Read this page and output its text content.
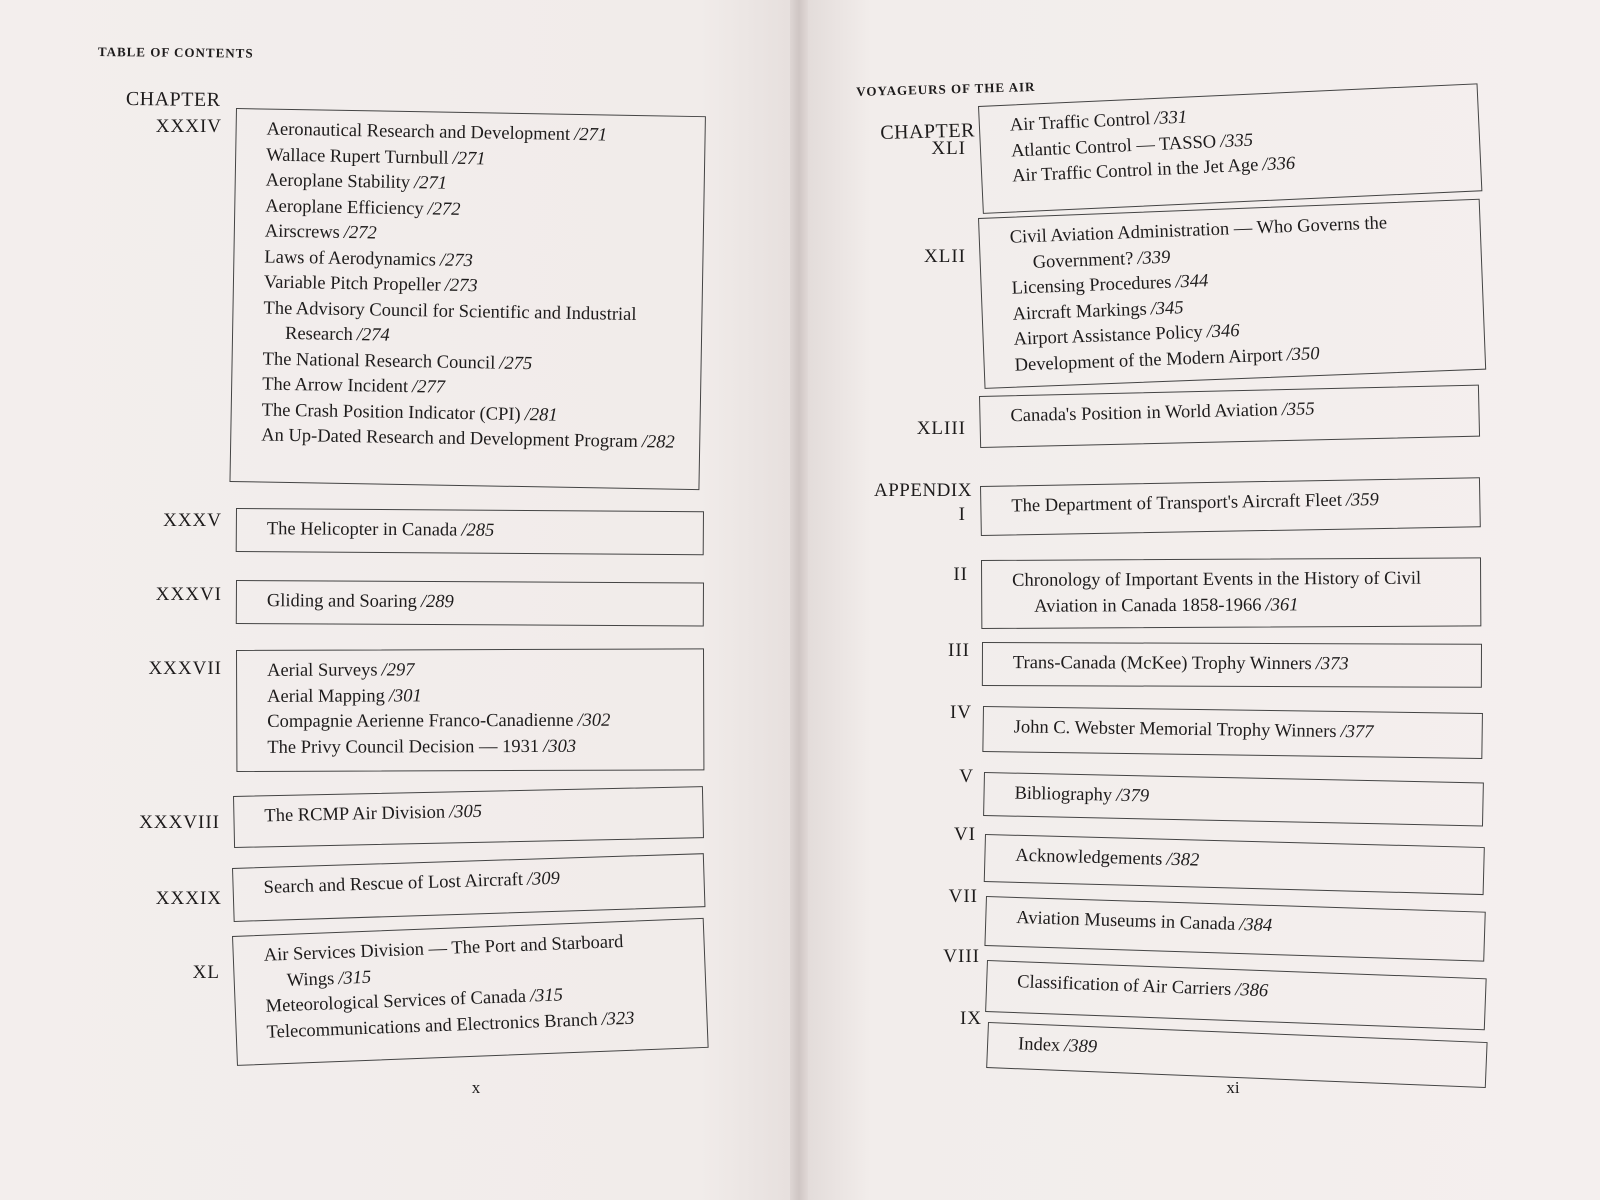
TABLE OF CONTENTS
CHAPTER
XXXIV Aeronautical Research and Development /271

Wallace Rupert Turnbull /271

Aeroplane Stability /271

Aeroplane Efficiency /272

Airscrews /272

Laws of Aerodynamics /273

Variable Pitch Propeller /273

The Advisory Council for Scientific and Industrial Research /274

The National Research Council /275

The Arrow Incident /277

The Crash Position Indicator (CPI) /281

An Up-Dated Research and Development Program /282

XXXV The Helicopter in Canada /285

XXXVI Gliding and Soaring /289

XXXVII Aerial Surveys /297

Aerial Mapping /301

Compagnie Aerienne Franco-Canadienne /302

The Privy Council Decision — 1931 /303

XXXVIII The RCMP Air Division /305

XXXIX

Search and Rescue of Lost Aircraft /309

XL

Air Services Division — The Port and Starboard Wings /315

Meteorological Services of Canada /315

Telecommunications and Electronics Branch /323

x
VOYAGEURS OF THE AIR
CHAPTER
XLI

Air Traffic Control /331

Atlantic Control — TASSO /335

Air Traffic Control in the Jet Age /336

XLII

Civil Aviation Administration — Who Governs the Government? /339

Licensing Procedures /344

Aircraft Markings /345

Airport Assistance Policy /346

Development of the Modern Airport /350

XLIII

Canada's Position in World Aviation /355

APPENDIX
I The Department of Transport's Aircraft Fleet /359

II Chronology of Important Events in the History of Civil Aviation in Canada 1858-1966 /361

III

Trans-Canada (McKee) Trophy Winners /373

IV

John C. Webster Memorial Trophy Winners /377

V

Bibliography /379

VI

Acknowledgements /382

VII

Aviation Museums in Canada /384

VIII

Classification of Air Carriers /386

IX

Index /389

xi
